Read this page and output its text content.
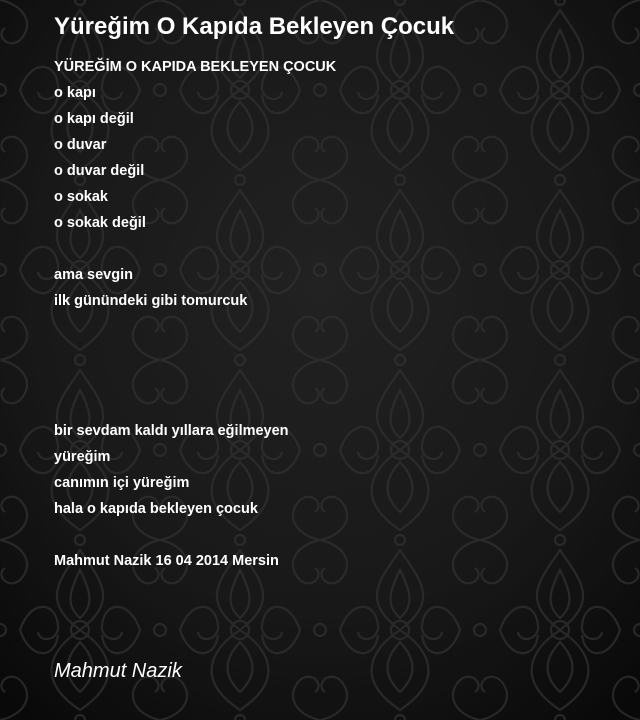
Yüreğim O Kapıda Bekleyen Çocuk
YÜREĞİM O KAPIDA BEKLEYEN ÇOCUK
o kapı
o kapı değil
o duvar
o duvar değil
o sokak
o sokak değil
ama sevgin
ilk günündeki gibi tomurcuk
bir sevdam kaldı yıllara eğilmeyen
yüreğim
canımın içi yüreğim
hala o kapıda bekleyen çocuk
Mahmut Nazik 16 04 2014 Mersin
Mahmut Nazik
